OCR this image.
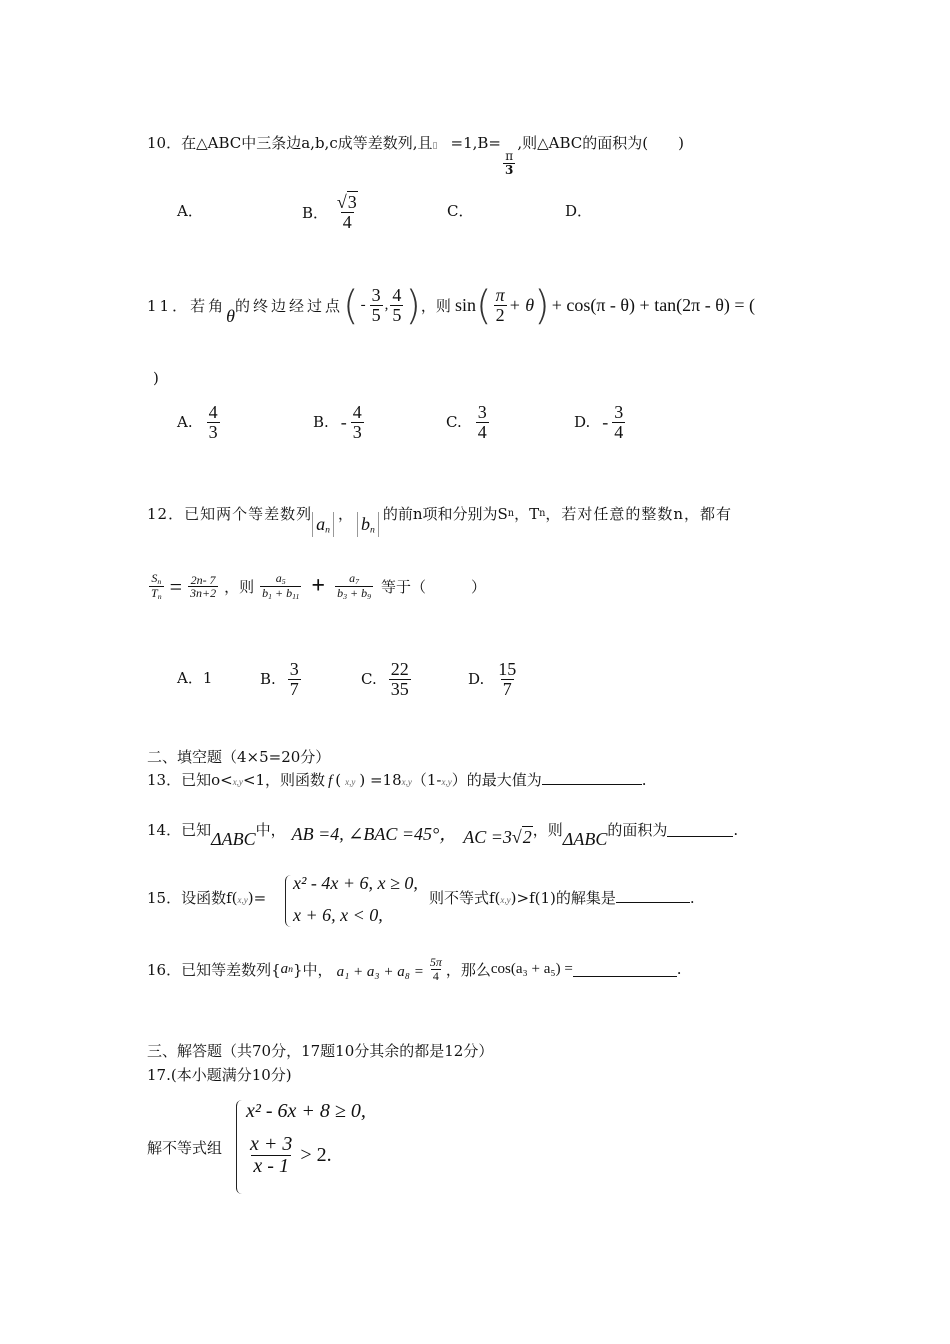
10．在△ABC中三条边a,b,c成等差数列,且▯ =1,B=
$\frac{\pi}{3}$
,则△ABC的面积为(　　)
A．	B． $\frac{√3}{4}$	C．	D．
11．若角 θ 的终边经过点 ( - $\frac{3}{5}$ , $\frac{4}{5}$ ) ，则 sin ( $\frac{\pi}{2} + \theta$ ) + cos(π - θ) + tan(2π - θ) = (
)
A. $\frac{4}{3}$	B. - $\frac{4}{3}$	C. $\frac{3}{4}$	D. - $\frac{3}{4}$
12．已知两个等差数列 $a_n$
， $b_n$
的前n项和分别为S n ，T n ，若对任意的整数n，都有
$\frac{S_n}{T_n} = \frac{2n- 7}{3n+2}$ ，则 $\frac{a_5}{b_1 + b_{11}} + \frac{a_7}{b_3 + b_9}$ 等于（　　　）
A．1	B. $\frac{3}{7}$	C. $\frac{22}{35}$	D. $\frac{15}{7}$
二、填空题（4×5=20分）
13．已知o<x,y<1，则函数 f ( x,y ) =18x,y（1-x,y）的最大值为	.
14．已知 ΔABC 中， AB =4, ∠BAC =45°， AC =3√2 ，则 ΔABC 的面积为	.
15．设函数f(x,y)=
x² - 4x + 6, x ≥ 0,
x + 6, x < 0,
则不等式f(x,y)>f(1)的解集是	.
16．已知等差数列{ a n }中， $a_1 + a_3 + a_8 = \frac{5\pi}{4}$ ，那么 cos(a₃ + a₅) =	.
三、解答题（共70分，17题10分其余的都是12分）
17.(本小题满分10分)
解不等式组
x² - 6x + 8 ≥ 0,
$\frac{x + 3}{x - 1} > 2$.
